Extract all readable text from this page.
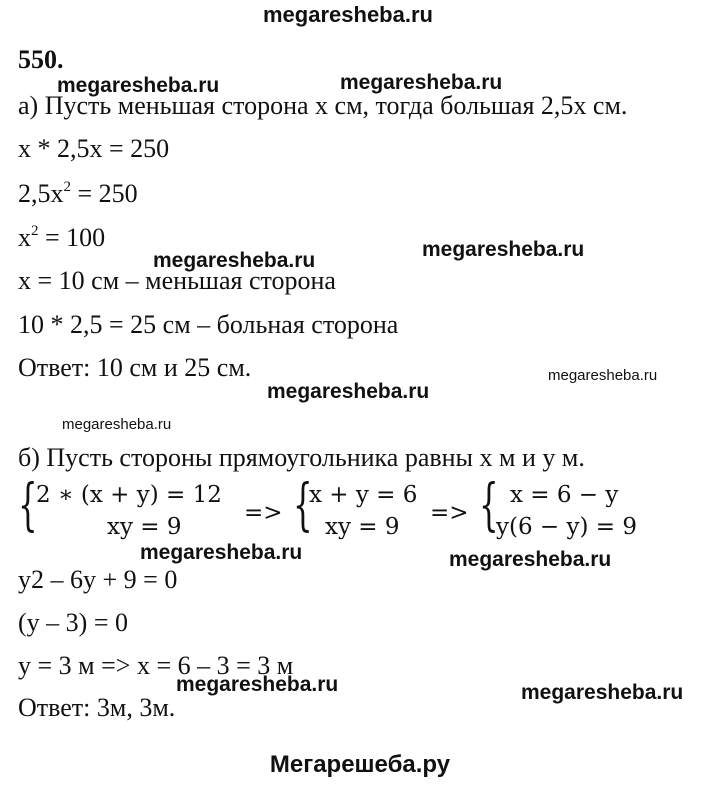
megaresheba.ru
megaresheba.ru	megaresheba.ru
megaresheba.ru	megaresheba.ru
megaresheba.ru
megaresheba.ru
megaresheba.ru
megaresheba.ru	megaresheba.ru
megaresheba.ru	megaresheba.ru
550.
а) Пусть меньшая сторона х см, тогда большая 2,5х см.
х * 2,5х = 250
$2,5х^2 = 250$
$х^2 = 100$
х = 10 см – меньшая сторона
10 * 2,5 = 25 см – больная сторона
Ответ: 10 см и 25 см.
б) Пусть стороны прямоугольника равны х м и у м.
{
2 ∗ (x + y) = 12
xy = 9
=> {
x + y = 6
xy = 9
=> { x = 6 − y
y(6 − y) = 9
у2 – 6у + 9 = 0
(у – 3) = 0
у = 3 м => х = 6 – 3 = 3 м
Ответ: 3м, 3м.
Мегарешеба.ру
